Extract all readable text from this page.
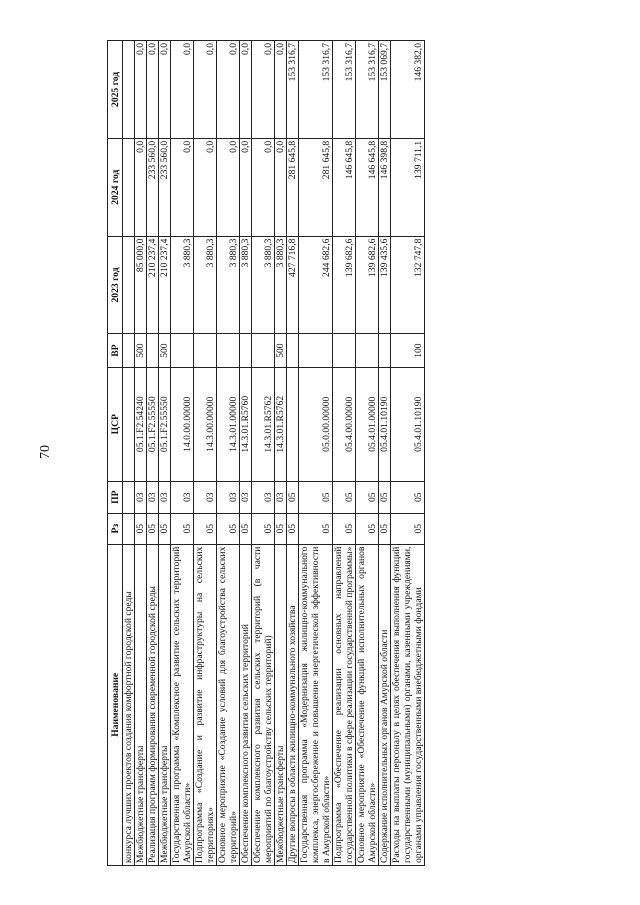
70
Наименование	Рз	ПР	ЦСР	ВР	2023 год	2024 год	2025 год
конкурса лучших проектов создания комфортной городской среды							
Межбюджетные трансферты	05	03	05.1.F2.54240	500	85 000,0	0,0	0,0
Реализация программ формирования современной городской среды	05	03	05.1.F2.55550		210 237,4	233 560,0	0,0
Межбюджетные трансферты	05	03	05.1.F2.55550	500	210 237,4	233 560,0	0,0
Государственная программа «Комплексное развитие сельских территорий Амурской области»	05	03	14.0.00.00000		3 880,3	0,0	0,0
Подпрограмма «Создание и развитие инфраструктуры на сельских территориях»	05	03	14.3.00.00000		3 880,3	0,0	0,0
Основное мероприятие «Создание условий для благоустройства сельских территорий»	05	03	14.3.01.00000		3 880,3	0,0	0,0
Обеспечение комплексного развития сельских территорий	05	03	14.3.01.R5760		3 880,3	0,0	0,0
Обеспечение комплексного развития сельских территорий (в части мероприятий по благоустройству сельских территорий)	05	03	14.3.01.R5762		3 880,3	0,0	0,0
Межбюджетные трансферты	05	03	14.3.01.R5762	500	3 880,3	0,0	0,0
Другие вопросы в области жилищно-коммунального хозяйства	05	05			427 716,8	281 645,8	153 316,7
Государственная программа «Модернизация жилищно-коммунального комплекса, энергосбережение и повышение энергетической эффективности в Амурской области»	05	05	05.0.00.00000		244 682,6	281 645,8	153 316,7
Подпрограмма «Обеспечение реализации основных направлений государственной политики в сфере реализации государственной программы»	05	05	05.4.00.00000		139 682,6	146 645,8	153 316,7
Основное мероприятие «Обеспечение функций исполнительных органов Амурской области»	05	05	05.4.01.00000		139 682,6	146 645,8	153 316,7
Содержание исполнительных органов Амурской области	05	05	05.4.01.10190		139 435,6	146 398,8	153 069,7
Расходы на выплаты персоналу в целях обеспечения выполнения функций государственными (муниципальными) органами, казенными учреждениями, органами управления государственными внебюджетными фондами	05	05	05.4.01.10190	100	132 747,8	139 711,1	146 382,0
